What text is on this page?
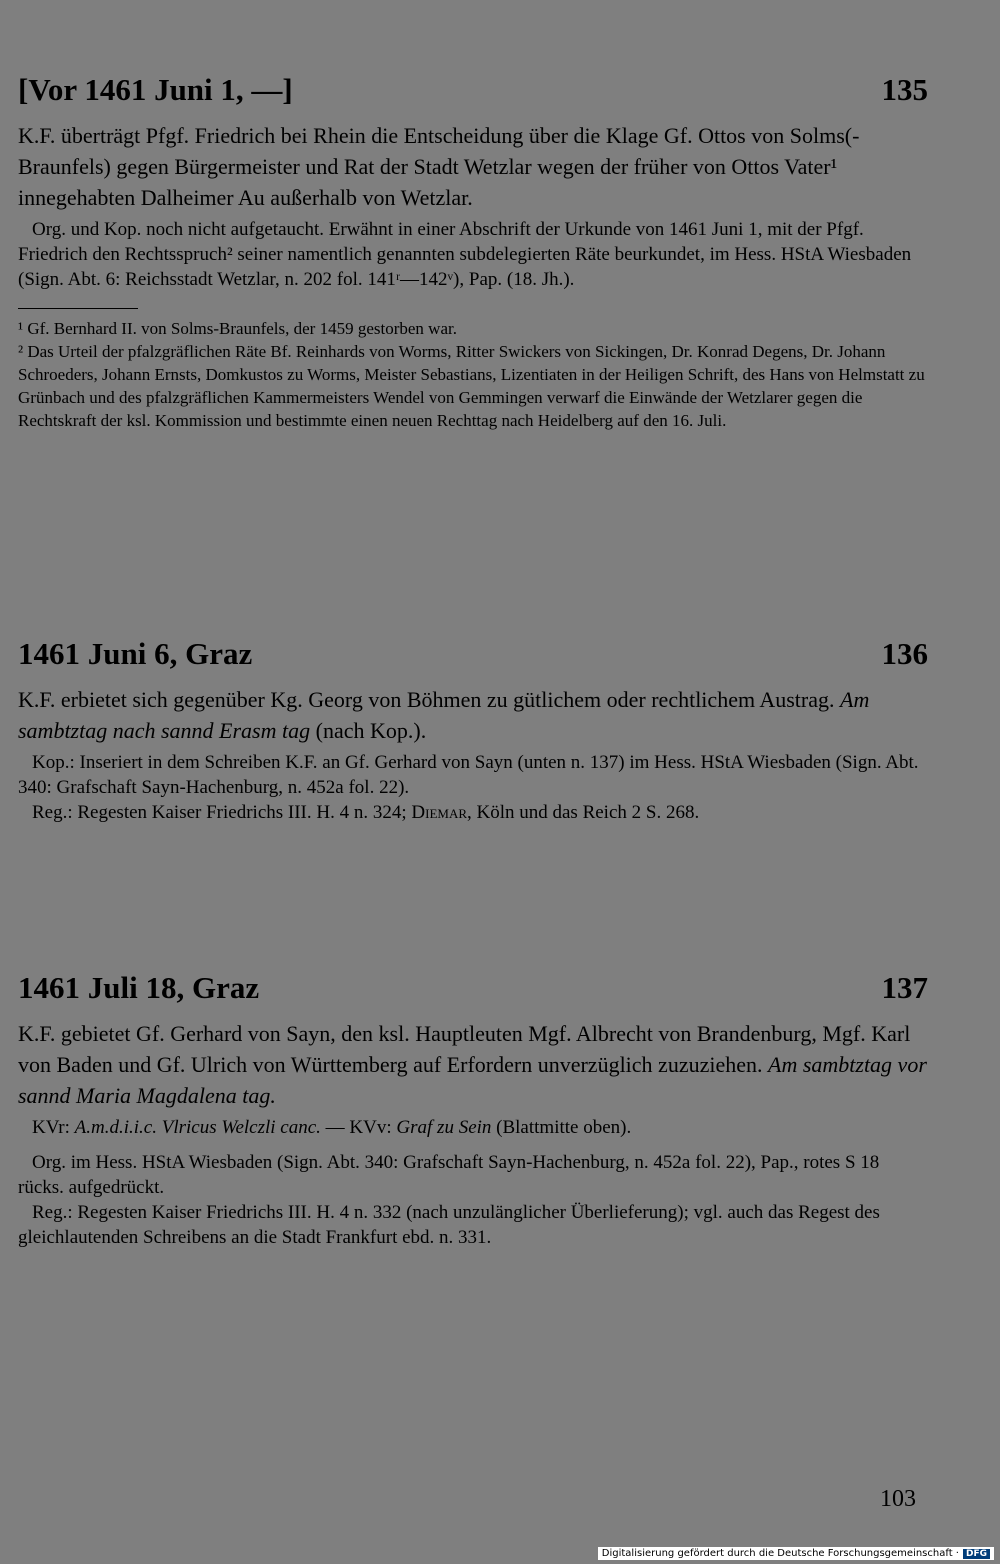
[Vor 1461 Juni 1, —]	135
K.F. überträgt Pfgf. Friedrich bei Rhein die Entscheidung über die Klage Gf. Ottos von Solms(-Braunfels) gegen Bürgermeister und Rat der Stadt Wetzlar wegen der früher von Ottos Vater¹ innegehabten Dalheimer Au außerhalb von Wetzlar.
Org. und Kop. noch nicht aufgetaucht. Erwähnt in einer Abschrift der Urkunde von 1461 Juni 1, mit der Pfgf. Friedrich den Rechtsspruch² seiner namentlich genannten subdelegierten Räte beurkundet, im Hess. HStA Wiesbaden (Sign. Abt. 6: Reichsstadt Wetzlar, n. 202 fol. 141ʳ—142ᵛ), Pap. (18. Jh.).
¹ Gf. Bernhard II. von Solms-Braunfels, der 1459 gestorben war.
² Das Urteil der pfalzgräflichen Räte Bf. Reinhards von Worms, Ritter Swickers von Sickingen, Dr. Konrad Degens, Dr. Johann Schroeders, Johann Ernsts, Domkustos zu Worms, Meister Sebastians, Lizentiaten in der Heiligen Schrift, des Hans von Helmstatt zu Grünbach und des pfalzgräflichen Kammermeisters Wendel von Gemmingen verwarf die Einwände der Wetzlarer gegen die Rechtskraft der ksl. Kommission und bestimmte einen neuen Rechttag nach Heidelberg auf den 16. Juli.
1461 Juni 6, Graz	136
K.F. erbietet sich gegenüber Kg. Georg von Böhmen zu gütlichem oder rechtlichem Austrag. Am sambtztag nach sannd Erasm tag (nach Kop.).
Kop.: Inseriert in dem Schreiben K.F. an Gf. Gerhard von Sayn (unten n. 137) im Hess. HStA Wiesbaden (Sign. Abt. 340: Grafschaft Sayn-Hachenburg, n. 452a fol. 22).
Reg.: Regesten Kaiser Friedrichs III. H. 4 n. 324; Diemar, Köln und das Reich 2 S. 268.
1461 Juli 18, Graz	137
K.F. gebietet Gf. Gerhard von Sayn, den ksl. Hauptleuten Mgf. Albrecht von Brandenburg, Mgf. Karl von Baden und Gf. Ulrich von Württemberg auf Erfordern unverzüglich zuzuziehen. Am sambtztag vor sannd Maria Magdalena tag.
KVr: A.m.d.i.i.c. Vlricus Welczli canc. — KVv: Graf zu Sein (Blattmitte oben).
Org. im Hess. HStA Wiesbaden (Sign. Abt. 340: Grafschaft Sayn-Hachenburg, n. 452a fol. 22), Pap., rotes S 18 rücks. aufgedrückt.
Reg.: Regesten Kaiser Friedrichs III. H. 4 n. 332 (nach unzulänglicher Überlieferung); vgl. auch das Regest des gleichlautenden Schreibens an die Stadt Frankfurt ebd. n. 331.
103
Digitalisierung gefördert durch die Deutsche Forschungsgemeinschaft · DFG
